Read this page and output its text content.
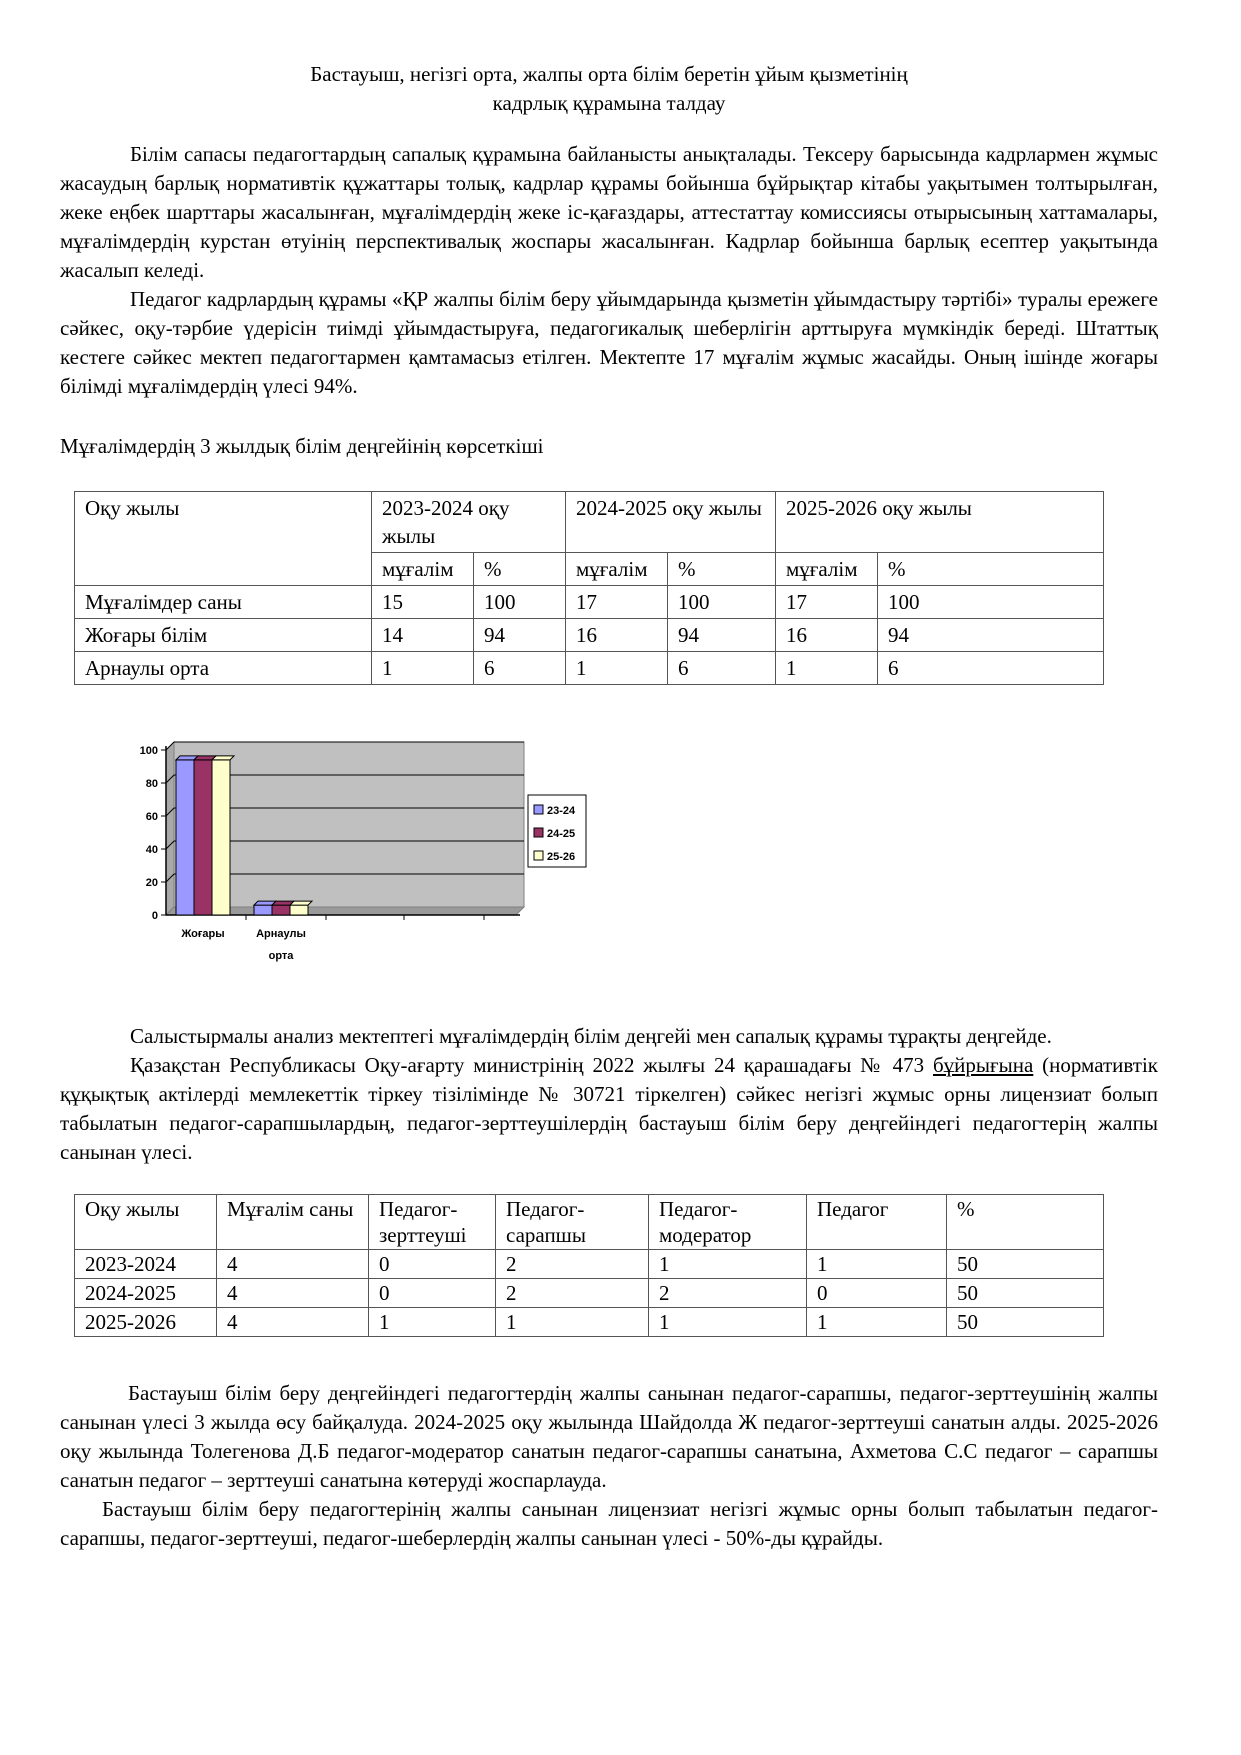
Бастауыш, негізгі орта, жалпы орта білім беретін ұйым қызметінің
кадрлық құрамына талдау

Білім сапасы педагогтардың сапалық құрамына байланысты анықталады. Тексеру барысында кадрлармен жұмыс жасаудың барлық нормативтік құжаттары толық, кадрлар құрамы бойынша бұйрықтар кітабы уақытымен толтырылған, жеке еңбек шарттары жасалынған, мұғалімдердің жеке іс-қағаздары, аттестаттау комиссиясы отырысының хаттамалары, мұғалімдердің курстан өтуінің перспективалық жоспары жасалынған. Кадрлар бойынша барлық есептер уақытында жасалып келеді.

Педагог кадрлардың құрамы «ҚР жалпы білім беру ұйымдарында қызметін ұйымдастыру тәртібі» туралы ережеге сәйкес, оқу-тәрбие үдерісін тиімді ұйымдастыруға, педагогикалық шеберлігін арттыруға мүмкіндік береді. Штаттық кестеге сәйкес мектеп педагогтармен қамтамасыз етілген. Мектепте 17 мұғалім жұмыс жасайды. Оның ішінде жоғары білімді мұғалімдердің үлесі 94%.

Мұғалімдердің 3 жылдық білім деңгейінің көрсеткіші
Оқу жылы	2023-2024 оқу жылы		2024-2025 оқу жылы		2025-2026 оқу жылы	
	мұғалім	%	мұғалім	%	мұғалім	%
Мұғалімдер саны	15	100	17	100	17	100
Жоғары білім	14	94	16	94	16	94
Арнаулы орта	1	6	1	6	1	6
0
20
40
60
80
100
Жоғары	Арнаулы
орта
23-24
24-25
25-26

Салыстырмалы анализ мектептегі мұғалімдердің білім деңгейі мен сапалық құрамы тұрақты деңгейде.

Қазақстан Республикасы Оқу-ағарту министрінің 2022 жылғы 24 қарашадағы № 473 бұйрығына (нормативтік құқықтық актілерді мемлекеттік тіркеу тізілімінде № 30721 тіркелген) сәйкес негізгі жұмыс орны лицензиат болып табылатын педагог-сарапшылардың, педагог-зерттеушілердің бастауыш білім беру деңгейіндегі педагогтерің жалпы санынан үлесі.

Оқу жылы	Мұғалім саны	Педагог-зерттеуші	Педагог-сарапшы	Педагог-модератор	Педагог	%
2023-2024	4	0	2	1	1	50
2024-2025	4	0	2	2	0	50
2025-2026	4	1	1	1	1	50

Бастауыш білім беру деңгейіндегі педагогтердің жалпы санынан педагог-сарапшы, педагог-зерттеушінің жалпы санынан үлесі 3 жылда өсу байқалуда. 2024-2025 оқу жылында Шайдолда Ж педагог-зерттеуші санатын алды. 2025-2026 оқу жылында Толегенова Д.Б педагог-модератор санатын педагог-сарапшы санатына, Ахметова С.С педагог – сарапшы санатын педагог – зерттеуші санатына көтеруді жоспарлауда.

Бастауыш білім беру педагогтерінің жалпы санынан лицензиат негізгі жұмыс орны болып табылатын педагог-сарапшы, педагог-зерттеуші, педагог-шеберлердің жалпы санынан үлесі - 50%-ды құрайды.
